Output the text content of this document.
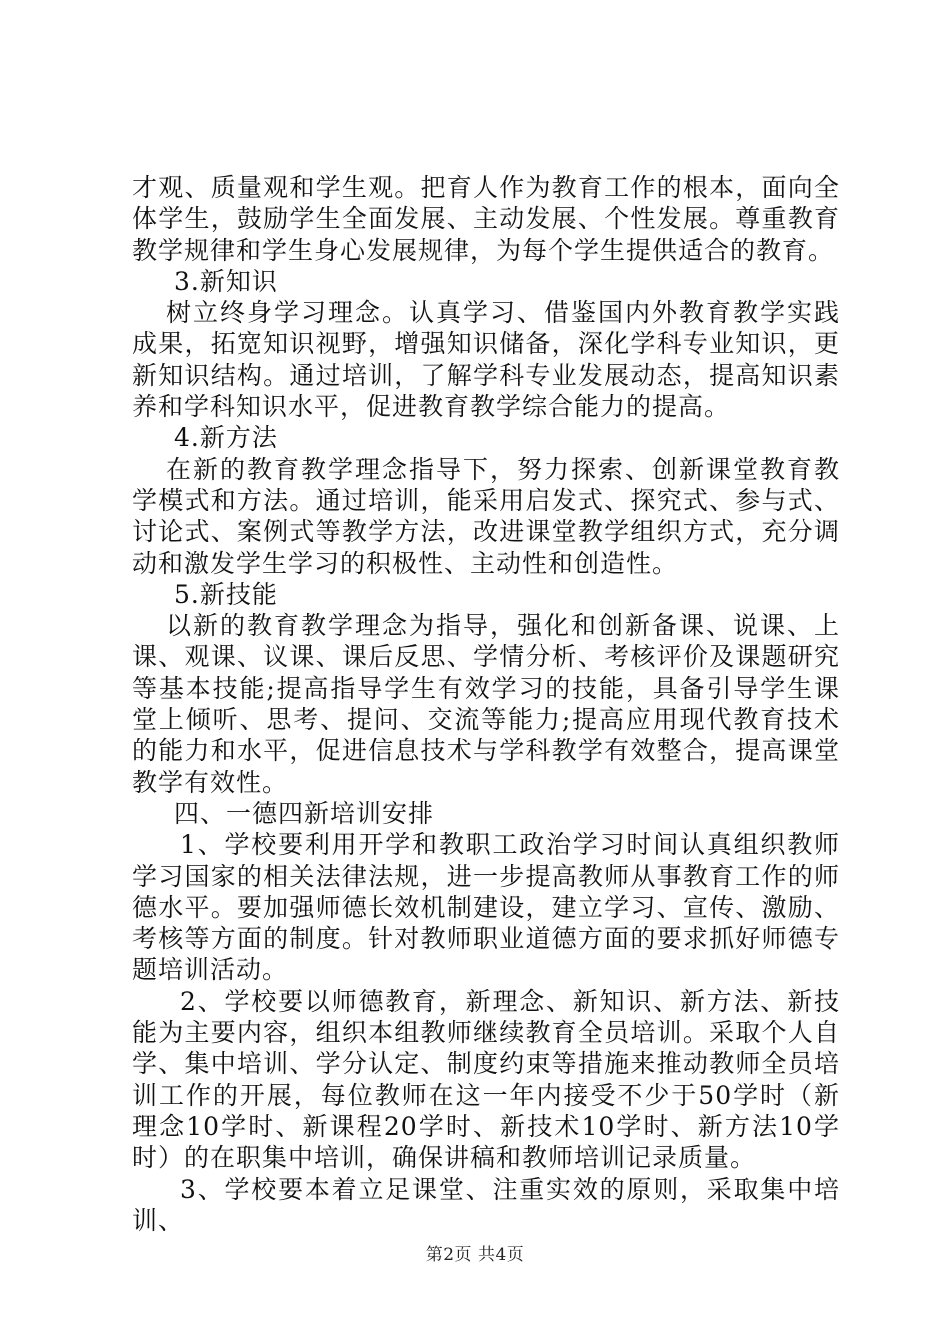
才观、质量观和学生观。把育人作为教育工作的根本，面向全体学生，鼓励学生全面发展、主动发展、个性发展。尊重教育教学规律和学生身心发展规律，为每个学生提供适合的教育。

3.新知识

树立终身学习理念。认真学习、借鉴国内外教育教学实践成果，拓宽知识视野，增强知识储备，深化学科专业知识，更新知识结构。通过培训，了解学科专业发展动态，提高知识素养和学科知识水平，促进教育教学综合能力的提高。

4.新方法

在新的教育教学理念指导下，努力探索、创新课堂教育教学模式和方法。通过培训，能采用启发式、探究式、参与式、讨论式、案例式等教学方法，改进课堂教学组织方式，充分调动和激发学生学习的积极性、主动性和创造性。

5.新技能

以新的教育教学理念为指导，强化和创新备课、说课、上课、观课、议课、课后反思、学情分析、考核评价及课题研究等基本技能;提高指导学生有效学习的技能，具备引导学生课堂上倾听、思考、提问、交流等能力;提高应用现代教育技术的能力和水平，促进信息技术与学科教学有效整合，提高课堂教学有效性。

四、一德四新培训安排

1、学校要利用开学和教职工政治学习时间认真组织教师学习国家的相关法律法规，进一步提高教师从事教育工作的师德水平。要加强师德长效机制建设，建立学习、宣传、激励、考核等方面的制度。针对教师职业道德方面的要求抓好师德专题培训活动。

2、学校要以师德教育，新理念、新知识、新方法、新技能为主要内容，组织本组教师继续教育全员培训。采取个人自学、集中培训、学分认定、制度约束等措施来推动教师全员培训工作的开展，每位教师在这一年内接受不少于50学时（新理念10学时、新课程20学时、新技术10学时、新方法10学时）的在职集中培训，确保讲稿和教师培训记录质量。

3、学校要本着立足课堂、注重实效的原则，采取集中培训、

第2页 共4页
